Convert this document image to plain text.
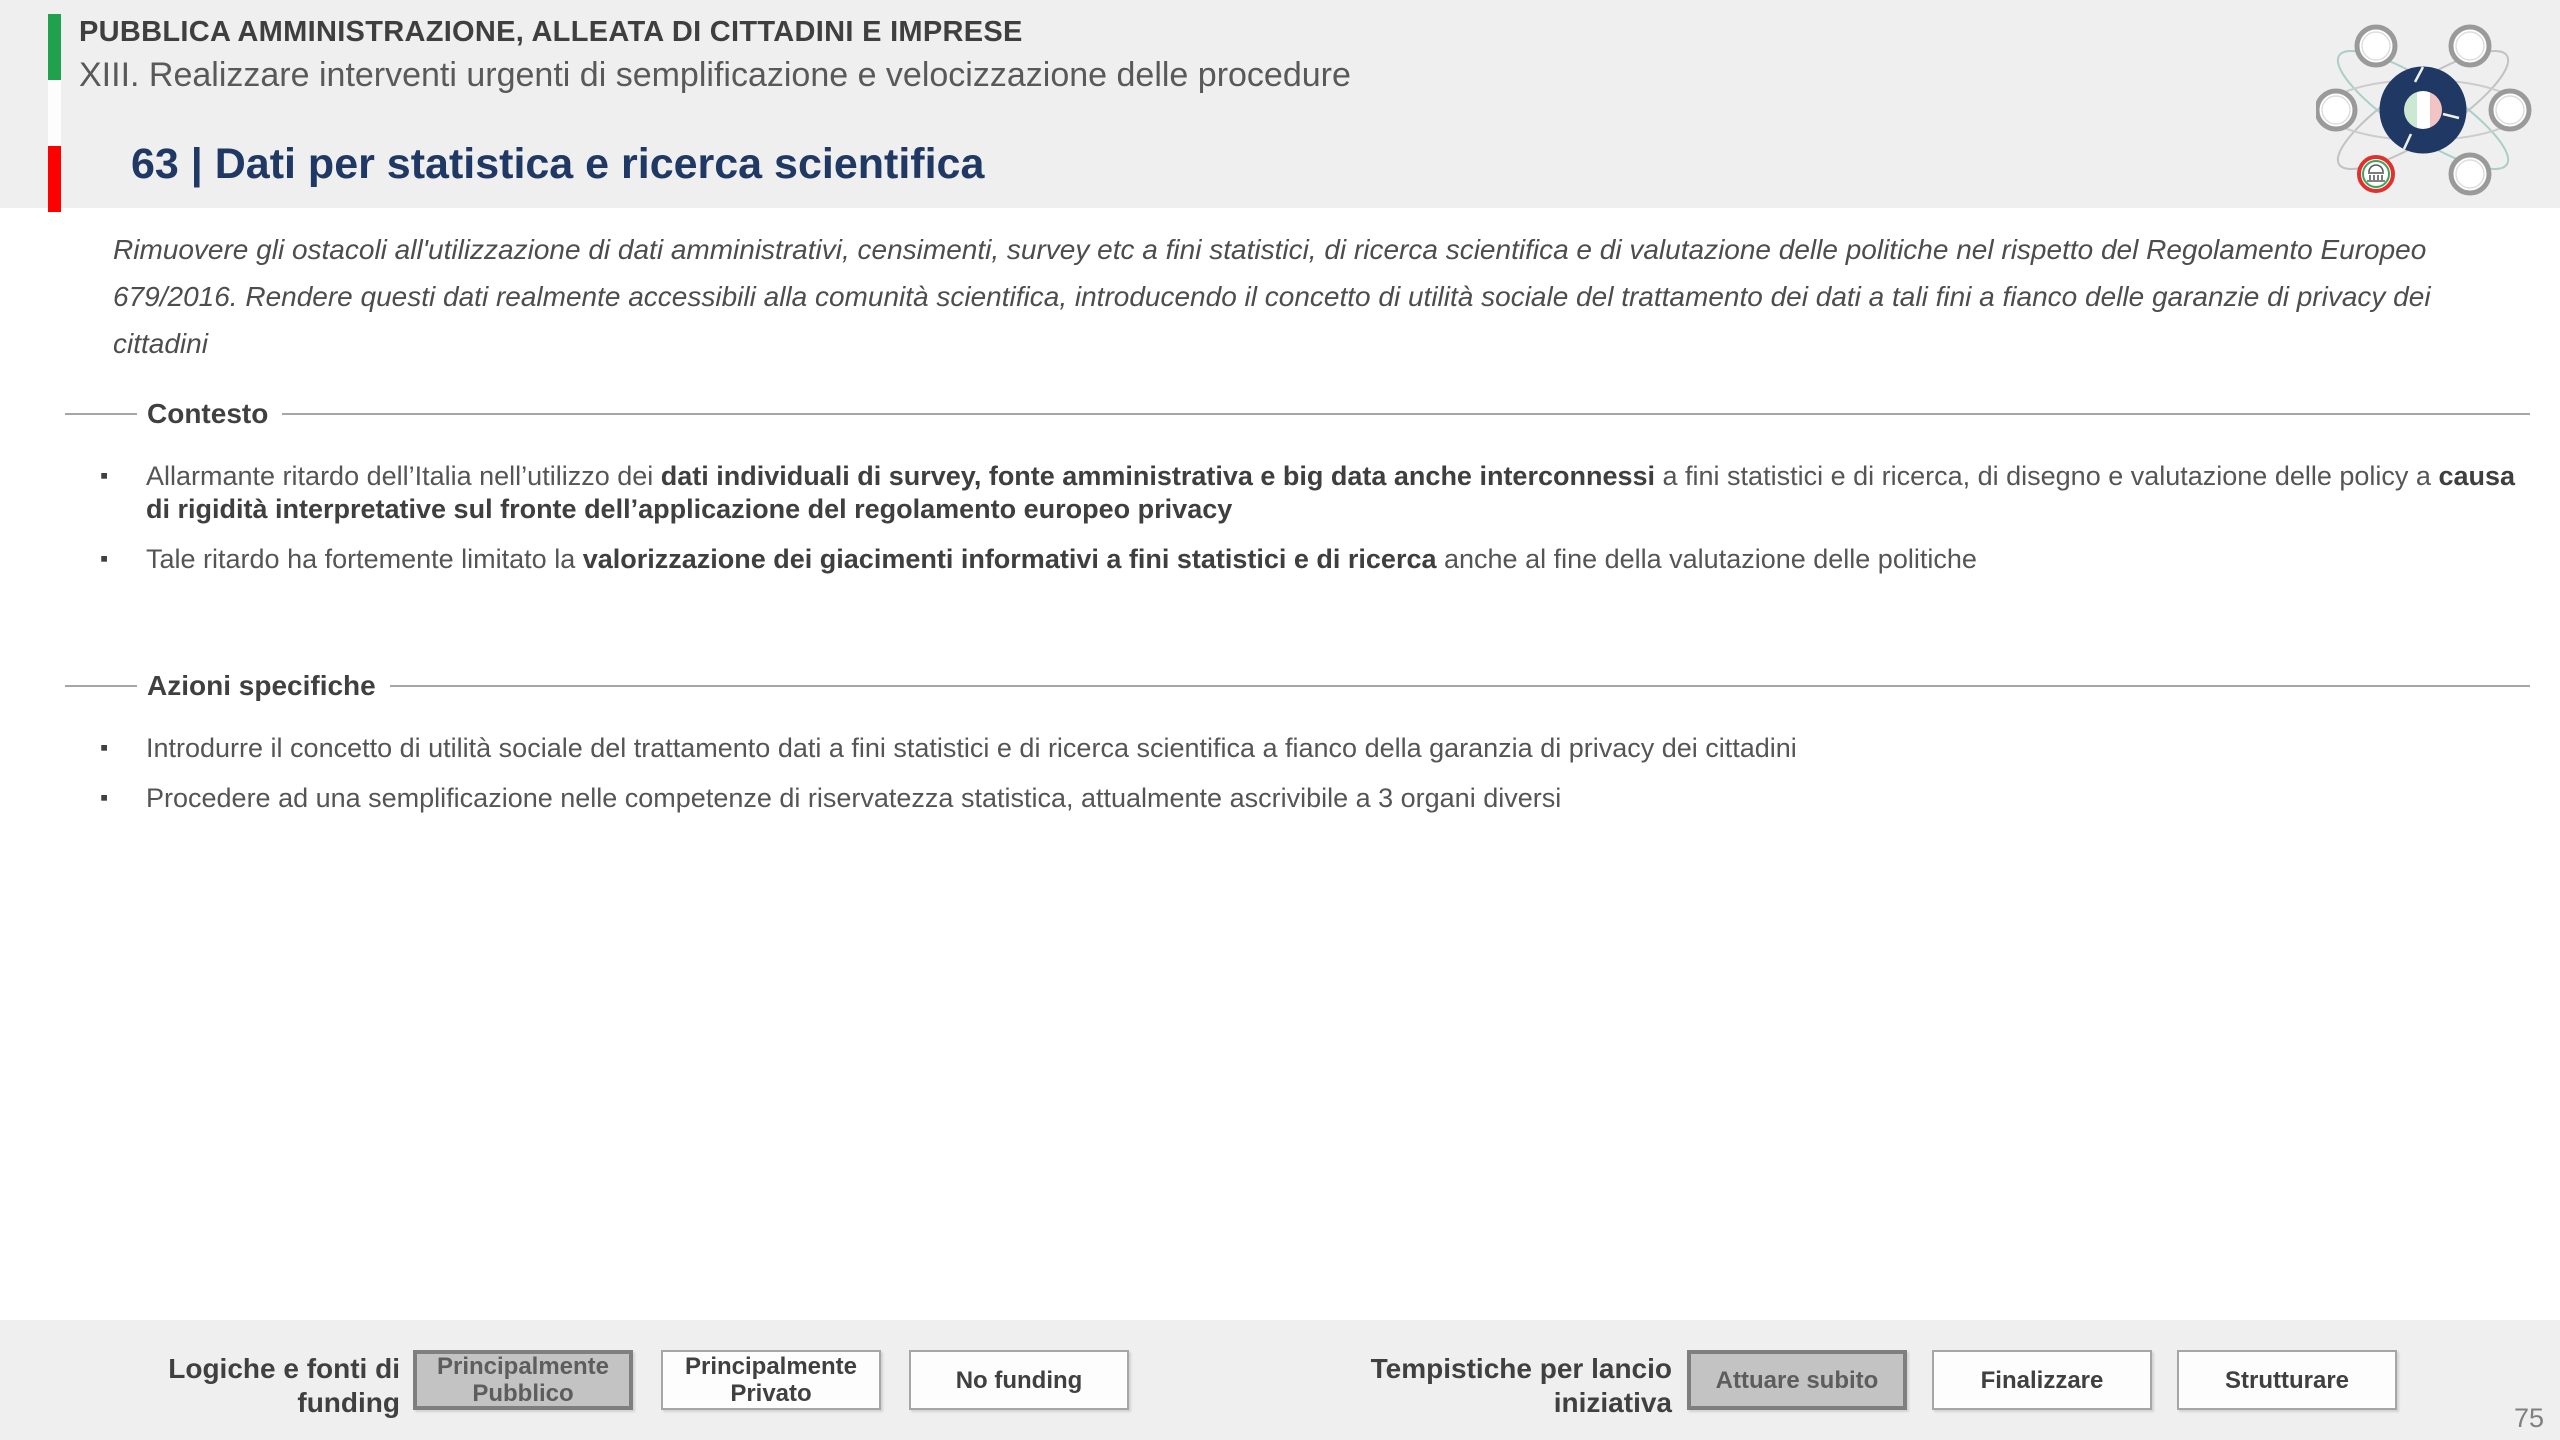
PUBBLICA AMMINISTRAZIONE, ALLEATA DI CITTADINI E IMPRESE
XIII. Realizzare interventi urgenti di semplificazione e velocizzazione delle procedure
63 | Dati per statistica e ricerca scientifica
Rimuovere gli ostacoli all'utilizzazione di dati amministrativi, censimenti, survey etc a fini statistici, di ricerca scientifica e di valutazione delle politiche nel rispetto del Regolamento Europeo 679/2016. Rendere questi dati realmente accessibili alla comunità scientifica, introducendo il concetto di utilità sociale del trattamento dei dati a tali fini a fianco delle garanzie di privacy dei cittadini
Contesto
▪ Allarmante ritardo dell’Italia nell’utilizzo dei dati individuali di survey, fonte amministrativa e big data anche interconnessi a fini statistici e di ricerca, di disegno e valutazione delle policy a causa di rigidità interpretative sul fronte dell’applicazione del regolamento europeo privacy
▪ Tale ritardo ha fortemente limitato la valorizzazione dei giacimenti informativi a fini statistici e di ricerca anche al fine della valutazione delle politiche
Azioni specifiche
▪ Introdurre il concetto di utilità sociale del trattamento dati a fini statistici e di ricerca scientifica a fianco della garanzia di privacy dei cittadini
▪ Procedere ad una semplificazione nelle competenze di riservatezza statistica, attualmente ascrivibile a 3 organi diversi
Logiche e fonti di funding
Principalmente Pubblico
Principalmente Privato	No funding	Tempistiche per lancio iniziativa
Attuare subito	Finalizzare	Strutturare
75
